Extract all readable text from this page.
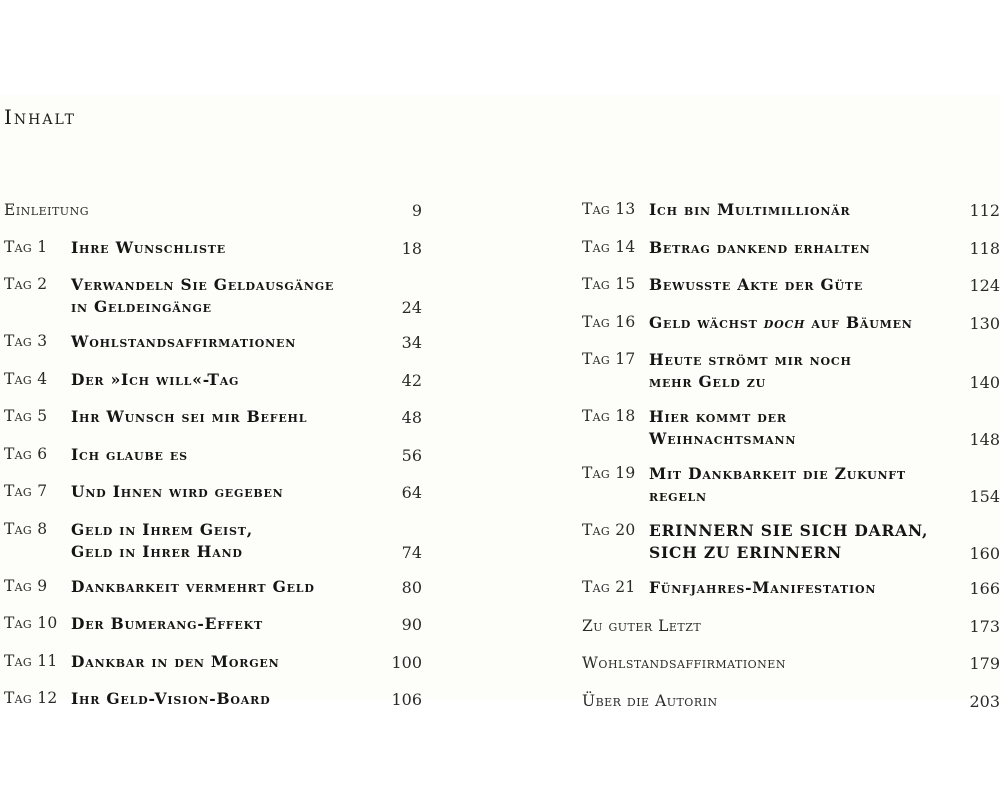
Inhalt
Einleitung	9
Tag 1 Ihre Wunschliste	18
Tag 2 Verwandeln Sie Geldausgänge
in Geldeingänge	24
Tag 3 Wohlstandsaffirmationen	34
Tag 4 Der »Ich will«-Tag	42
Tag 5 Ihr Wunsch sei mir Befehl	48
Tag 6 Ich glaube es	56
Tag 7 Und Ihnen wird gegeben	64
Tag 8 Geld in Ihrem Geist,
Geld in Ihrer Hand	74
Tag 9 Dankbarkeit vermehrt Geld	80
Tag 10 Der Bumerang-Effekt	90
Tag 11 Dankbar in den Morgen	100
Tag 12 Ihr Geld-Vision-Board	106
Tag 13 Ich bin Multimillionär	112
Tag 14 Betrag dankend erhalten	118
Tag 15 Bewusste Akte der Güte	124
Tag 16 Geld wächst doch auf Bäumen	130
Tag 17 Heute strömt mir noch
mehr Geld zu	140
Tag 18 Hier kommt der
Weihnachtsmann	148
Tag 19 Mit Dankbarkeit die Zukunft
regeln	154
Tag 20 ERINNERN SIE SICH DARAN,
SICH ZU ERINNERN	160
Tag 21 Fünfjahres-Manifestation	166
Zu guter Letzt	173
Wohlstandsaffirmationen	179
Über die Autorin	203
